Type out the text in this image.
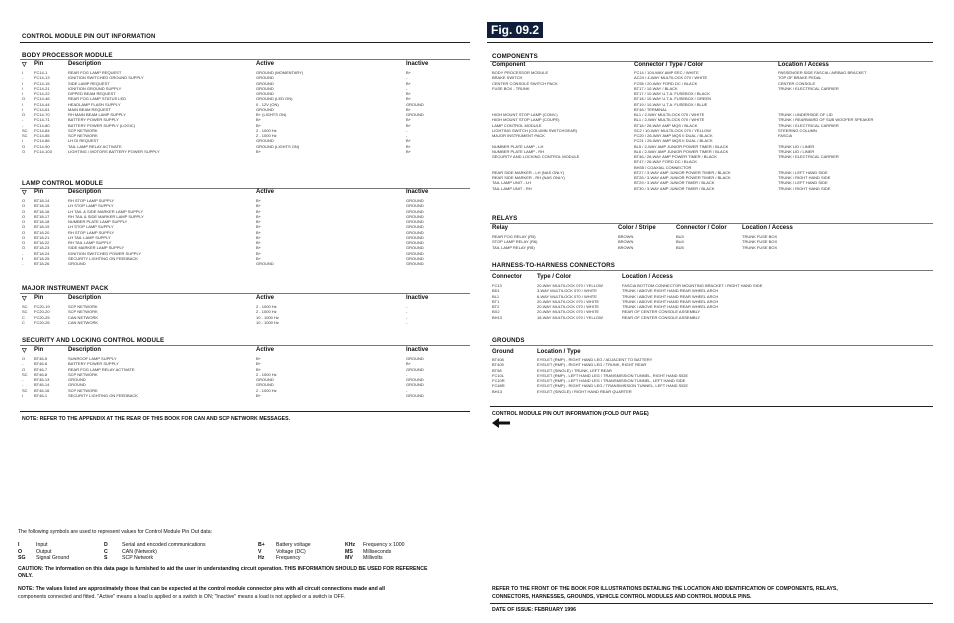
CONTROL MODULE PIN OUT INFORMATION	Fig. 09.2
BODY PROCESSOR MODULE
▽ Pin	Description	Active	Inactive
I	FC14-1	REAR FOG LAMP REQUEST	GROUND (MOMENTARY)	B+
-	FC14-13	IGNITION SWITCHED GROUND SUPPLY	GROUND	-
I	FC14-15	SIDE LAMP REQUEST	GROUND	B+
I	FC14-21	IGNITION GROUND SUPPLY	GROUND	-
I	FC14-22	DIPPED BEAM REQUEST	GROUND	B+
O	FC14-46	REAR FOG LAMP STATUS LED	GROUND (LED ON)	B+
I	FC14-44	HEADLAMP FLASH SUPPLY	0 - 12V (ON)	GROUND
I	FC14-61	MAIN BEAM REQUEST	GROUND	B+
O	FC14-70	RH MAIN BEAM LAMP SUPPLY	B+ (LIGHTS ON)	GROUND
-	FC14-71	BATTERY POWER SUPPLY	B+	B+
-	FC14-80	BATTERY POWER SUPPLY (LOGIC)	B+	B+
SC	FC14-84	SCP NETWORK	2 - 1000 Hz	-
SC	FC14-85	SCP NETWORK	2 - 1000 Hz	-
I	FC14-86	LH DI REQUEST	GROUND	B+
O	FC14-90	TAIL LAMP RELAY ACTIVATE	GROUND (LIGHTS ON)	B+
O	FC14-103	LIGHTING / MOTORS BATTERY POWER SUPPLY	B+	B+
LAMP CONTROL MODULE
▽ Pin	Description	Active	Inactive
O	BT18-14	RH STOP LAMP SUPPLY	B+	GROUND
O	BT18-15	LH STOP LAMP SUPPLY	B+	GROUND
O	BT18-16	LH TAIL & SIDE MARKER LAMP SUPPLY	B+	GROUND
O	BT18-17	RH TAIL & SIDE MARKER LAMP SUPPLY	B+	GROUND
O	BT18-18	NUMBER PLATE LAMP SUPPLY	B+	GROUND
O	BT18-19	LH STOP LAMP SUPPLY	B+	GROUND
O	BT18-20	RH STOP LAMP SUPPLY	B+	GROUND
O	BT18-21	LH TAIL LAMP SUPPLY	B+	GROUND
O	BT18-22	RH TAIL LAMP SUPPLY	B+	GROUND
O	BT18-23	SIDE MARKER LAMP SUPPLY	B+	GROUND
-	BT18-24	IGNITION SWITCHED POWER SUPPLY	B+	GROUND
I	BT18-25	SECURITY LIGHTING ON FEEDBACK	B+	GROUND
-	BT18-26	GROUND	GROUND	GROUND
MAJOR INSTRUMENT PACK
▽ Pin	Description	Active	Inactive
SC	FC20-19	SCP NETWORK	2 - 1000 Hz	-
SC	FC20-20	SCP NETWORK	2 - 1000 Hz	-
C	FC20-25	CAN NETWORK	10 - 1000 Hz	-
C	FC20-26	CAN NETWORK	10 - 1000 Hz	-
SECURITY AND LOCKING CONTROL MODULE
▽ Pin	Description	Active	Inactive
O	BT46-5	SUNROOF LAMP SUPPLY	B+	GROUND
-	BT46-6	BATTERY POWER SUPPLY	B+	B+
O	BT46-7	REAR FOG LAMP RELAY ACTIVATE	B+	GROUND
SC	BT46-8	SCP NETWORK	2 - 1000 Hz	-
-	BT46-13	GROUND	GROUND	GROUND
-	BT46-14	GROUND	GROUND	GROUND
SC	BT46-16	SCP NETWORK	2 - 1000 Hz	-
I	BT46-1	SECURITY LIGHTING ON FEEDBACK	B+	GROUND
NOTE: REFER TO THE APPENDIX AT THE REAR OF THIS BOOK FOR CAN AND SCP NETWORK MESSAGES.
COMPONENTS
Component	Connector / Type / Color	Location / Access
BODY PROCESSOR MODULE	FC14 / 104-WAY AMP EEC / WHITE	PASSENGER SIDE FASCIA / AIRBAG BRACKET
BRAKE SWITCH	AC24 / 4-WAY MULTILOCK 070 / WHITE	TOP OF BRAKE PEDAL
CENTER CONSOLE SWITCH PACK	FC55 / 20-WAY FORD DC / BLACK	CENTER CONSOLE
FUSE BOX - TRUNK	BT17 / 10-WAY / BLACK	TRUNK / ELECTRICAL CARRIER
BT17 / 10-WAY U.T.A. FUSEBOX / BLACK
BT18 / 10-WAY U.T.A. FUSEBOX / GREEN
BT19 / 10-WAY U.T.A. FUSEBOX / BLUE
BT48 / TERMINAL
HIGH MOUNT STOP LAMP (CONV.)	BL1 / 2-WAY MULTILOCK 070 / WHITE	TRUNK / UNDERSIDE OF LID
HIGH MOUNT STOP LAMP (COUPE)	BL1 / 2-WAY MULTILOCK 070 / WHITE	TRUNK / REARWARD OF SUB WOOFER SPEAKER
LAMP CONTROL MODULE	BT18 / 26-WAY AMP MQS / BLACK	TRUNK / ELECTRICAL CARRIER
LIGHTING SWITCH (COLUMN SWITCHGEAR)	SC2 / 10-WAY MULTILOCK 070 / YELLOW	STEERING COLUMN
MAJOR INSTRUMENT PACK	FC20 / 26-WAY AMP MQS II DUAL / BLACK	FASCIA
FC21 / 26-WAY AMP MQS II DUAL / BLACK
NUMBER PLATE LAMP - LH	BL5 / 2-WAY AMP JUNIOR POWER TIMER / BLACK	TRUNK LID / LINER
NUMBER PLATE LAMP - RH	BL6 / 2-WAY AMP JUNIOR POWER TIMER / BLACK	TRUNK LID / LINER
SECURITY AND LOCKING CONTROL MODULE	BT46 / 26-WAY AMP POWER TIMER / BLACK	TRUNK / ELECTRICAL CARRIER
BT47 / 26-WAY FORD DC / BLACK
BH35 / COAXIAL CONNECTOR
REAR SIDE MARKER - LH (NAS ONLY)	BT27 / 3-WAY AMP JUNIOR POWER TIMER / BLACK	TRUNK / LEFT HAND SIDE
REAR SIDE MARKER - RH (NAS ONLY)	BT28 / 3-WAY AMP JUNIOR POWER TIMER / BLACK	TRUNK / RIGHT HAND SIDE
TAIL LAMP UNIT - LH	BT29 / 3-WAY AMP JUNIOR TIMER / BLACK	TRUNK / LEFT HAND SIDE
TAIL LAMP UNIT - RH	BT30 / 3-WAY AMP JUNIOR TIMER / BLACK	TRUNK / RIGHT HAND SIDE
RELAYS
Relay	Color / Stripe	Connector / Color	Location / Access
REAR FOG RELAY (R5)	BROWN	BU3	TRUNK FUSE BOX
STOP LAMP RELAY (R6)	BROWN	BU4	TRUNK FUSE BOX
TAIL LAMP RELAY (R8)	BROWN	BU5	TRUNK FUSE BOX
HARNESS-TO-HARNESS CONNECTORS
Connector	Type / Color	Location / Access
FC13	20-WAY MULTILOCK 070 / YELLOW	FASCIA BOTTOM CONNECTOR MOUNTING BRACKET / RIGHT HAND SIDE
BD1	3-WAY MULTILOCK 070 / WHITE	TRUNK / ABOVE RIGHT HAND REAR WHEEL ARCH
BL1	6-WAY MULTILOCK 070 / WHITE	TRUNK / ABOVE RIGHT HAND REAR WHEEL ARCH
BT1	20-WAY MULTILOCK 070 / WHITE	TRUNK / ABOVE RIGHT HAND REAR WHEEL ARCH
BT2	20-WAY MULTILOCK 070 / WHITE	TRUNK / ABOVE RIGHT HAND REAR WHEEL ARCH
BX2	20-WAY MULTILOCK 070 / WHITE	REAR OF CENTER CONSOLE ASSEMBLY
BH13	16-WAY MULTILOCK 070 / YELLOW	REAR OF CENTER CONSOLE ASSEMBLY
GROUNDS
Ground	Location / Type
BT408	EYELET (RMP) - RIGHT HAND LEG / ADJACENT TO BATTERY
BT409	EYELET (RMP) - RIGHT HAND LEG / TRUNK, RIGHT REAR
BT58	EYELET (SINGLE) / TRUNK, LEFT REAR
FC10L	EYELET (RMP) - LEFT HAND LEG / TRANSMISSION TUNNEL, RIGHT HAND SIDE
FC10R	EYELET (RMP) - LEFT HAND LEG / TRANSMISSION TUNNEL, LEFT HAND SIDE
FC48R	EYELET (RMP) - RIGHT HAND LEG / TRANSMISSION TUNNEL, LEFT HAND SIDE
BH13	EYELET (SINGLE) / RIGHT HAND REAR QUARTER
CONTROL MODULE PIN OUT INFORMATION (FOLD OUT PAGE)
The following symbols are used to represent values for Control Module Pin Out data:
I	Input
O	Output
SG Signal Ground
D	Serial and encoded communications
C	CAN (Network)
S	SCP Network
B+ Battery voltage
V	Voltage (DC)
Hz Frequency
KHz Frequency x 1000
MS Milliseconds
MV Millivolts
CAUTION: The information on this data page is furnished to aid the user in understanding circuit operation. THIS INFORMATION SHOULD BE USED FOR REFERENCE ONLY.
NOTE: The values listed are approximately those that can be expected at the control module connector pins with all circuit connections made and all
components connected and fitted. "Active" means a load is applied or a switch is ON; "Inactive" means a load is not applied or a switch is OFF.
REFER TO THE FRONT OF THE BOOK FOR ILLUSTRATIONS DETAILING THE LOCATION AND IDENTIFICATION OF COMPONENTS, RELAYS,
CONNECTORS, HARNESSES, GROUNDS, VEHICLE CONTROL MODULES AND CONTROL MODULE PINS.
DATE OF ISSUE: FEBRUARY 1996
